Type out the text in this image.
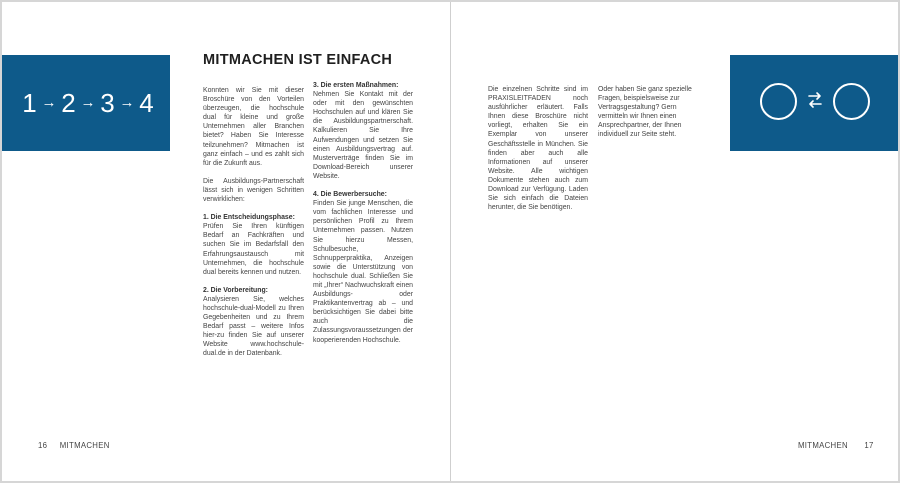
1 → 2 → 3 → 4
MITMACHEN IST EINFACH

Konnten wir Sie mit dieser Broschüre von den Vorteilen überzeugen, die hochschule dual für kleine und große Unternehmen aller Branchen bietet? Haben Sie Interesse teilzunehmen? Mitmachen ist ganz einfach – und es zahlt sich für die Zukunft aus.

Die Ausbildungs-Partnerschaft lässt sich in wenigen Schritten verwirklichen:

1. Die Entscheidungsphase:

Prüfen Sie Ihren künftigen Bedarf an Fachkräften und suchen Sie im Bedarfsfall den Erfahrungsaustausch mit Unternehmen, die hochschule dual bereits kennen und nutzen.

2. Die Vorbereitung:

Analysieren Sie, welches hochschule-dual-Modell zu Ihren Gegebenheiten und zu Ihrem Bedarf passt – weitere Infos hier-zu finden Sie auf unserer Website www.hochschule-dual.de in der Datenbank.

3. Die ersten Maßnahmen:

Nehmen Sie Kontakt mit der oder mit den gewünschten Hochschulen auf und klären Sie die Ausbildungspartnerschaft. Kalkulieren Sie Ihre Aufwendungen und setzen Sie einen Ausbildungsvertrag auf. Musterverträge finden Sie im Download-Bereich unserer Website.

4. Die Bewerbersuche:

Finden Sie junge Menschen, die vom fachlichen Interesse und persönlichen Profil zu Ihrem Unternehmen passen. Nutzen Sie hierzu Messen, Schulbesuche, Schnupperpraktika, Anzeigen sowie die Unterstützung von hochschule dual. Schließen Sie mit „Ihrer“ Nachwuchskraft einen Ausbildungs- oder Praktikantenvertrag ab – und berücksichtigen Sie dabei bitte auch die Zulassungsvoraussetzungen der kooperierenden Hochschule.

16 MITMACHEN

Die einzelnen Schritte sind im PRAXISLEITFADEN noch ausführlicher erläutert. Falls Ihnen diese Broschüre nicht vorliegt, erhalten Sie ein Exemplar von unserer Geschäftsstelle in München. Sie finden aber auch alle Informationen auf unserer Website. Alle wichtigen Dokumente stehen auch zum Download zur Verfügung. Laden Sie sich einfach die Dateien herunter, die Sie benötigen.

Oder haben Sie ganz spezielle Fragen, beispielsweise zur Vertragsgestaltung? Gern vermitteln wir Ihnen einen Ansprechpartner, der Ihnen individuell zur Seite steht.

MITMACHEN 17
